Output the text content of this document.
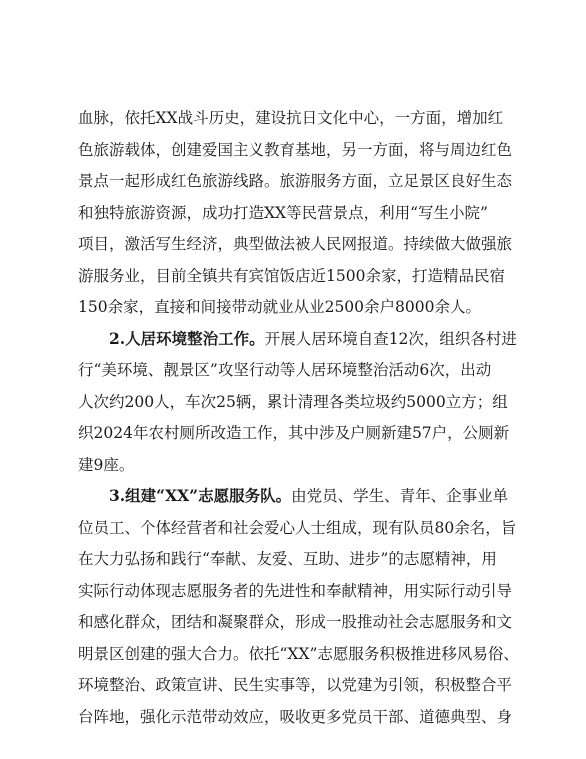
血脉，依托XX战斗历史，建设抗日文化中心，一方面，增加红
色旅游载体，创建爱国主义教育基地，另一方面，将与周边红色
景点一起形成红色旅游线路。旅游服务方面，立足景区良好生态
和独特旅游资源，成功打造XX等民营景点，利用“写生小院”
项目，激活写生经济，典型做法被人民网报道。持续做大做强旅
游服务业，目前全镇共有宾馆饭店近1500余家，打造精品民宿
150余家，直接和间接带动就业从业2500余户8000余人。
2.人居环境整治工作。开展人居环境自查12次，组织各村进
行“美环境、靓景区”攻坚行动等人居环境整治活动6次，出动
人次约200人，车次25辆，累计清理各类垃圾约5000立方；组
织2024年农村厕所改造工作，其中涉及户厕新建57户，公厕新
建9座。
3.组建“XX”志愿服务队。由党员、学生、青年、企事业单
位员工、个体经营者和社会爱心人士组成，现有队员80余名，旨
在大力弘扬和践行“奉献、友爱、互助、进步”的志愿精神，用
实际行动体现志愿服务者的先进性和奉献精神，用实际行动引导
和感化群众，团结和凝聚群众，形成一股推动社会志愿服务和文
明景区创建的强大合力。依托“XX”志愿服务积极推进移风易俗、
环境整治、政策宣讲、民生实事等，以党建为引领，积极整合平
台阵地，强化示范带动效应，吸收更多党员干部、道德典型、身
